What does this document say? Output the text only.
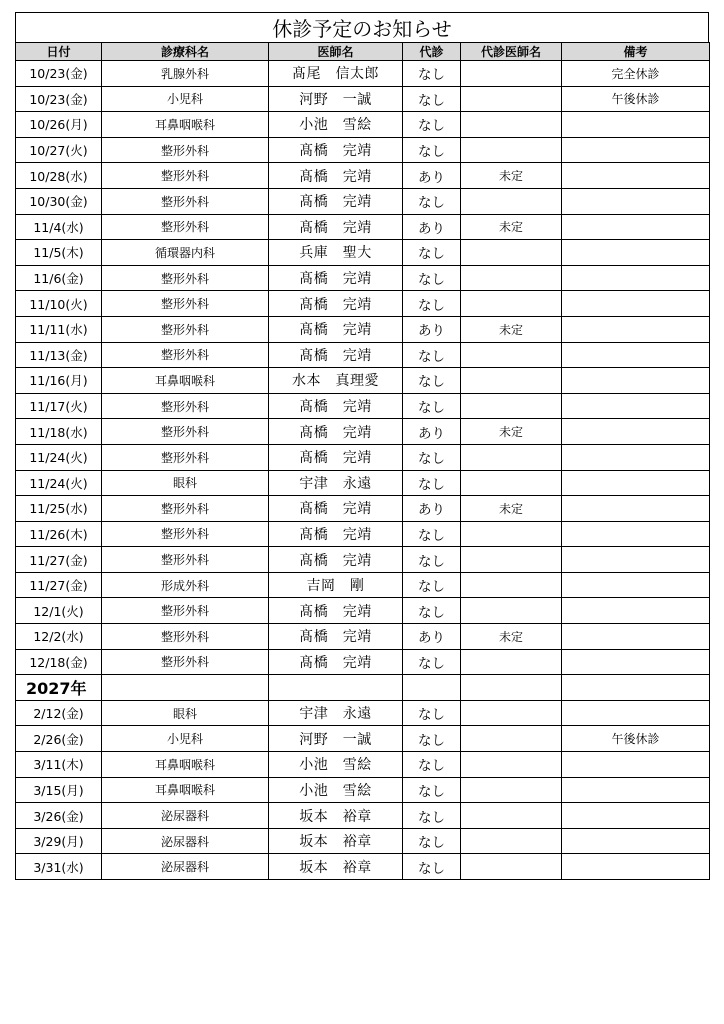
休診予定のお知らせ
日付	診療科名	医師名	代診	代診医師名	備考
10/23(金)	乳腺外科	髙尾　信太郎	なし		完全休診
10/23(金)	小児科	河野　一誠	なし		午後休診
10/26(月)	耳鼻咽喉科	小池　雪絵	なし		
10/27(火)	整形外科	髙橋　完靖	なし		
10/28(水)	整形外科	髙橋　完靖	あり	未定	
10/30(金)	整形外科	髙橋　完靖	なし		
11/4(水)	整形外科	髙橋　完靖	あり	未定	
11/5(木)	循環器内科	兵庫　聖大	なし		
11/6(金)	整形外科	髙橋　完靖	なし		
11/10(火)	整形外科	髙橋　完靖	なし		
11/11(水)	整形外科	髙橋　完靖	あり	未定	
11/13(金)	整形外科	髙橋　完靖	なし		
11/16(月)	耳鼻咽喉科	水本　真理愛	なし		
11/17(火)	整形外科	髙橋　完靖	なし		
11/18(水)	整形外科	髙橋　完靖	あり	未定	
11/24(火)	整形外科	髙橋　完靖	なし		
11/24(火)	眼科	宇津　永遠	なし		
11/25(水)	整形外科	髙橋　完靖	あり	未定	
11/26(木)	整形外科	髙橋　完靖	なし		
11/27(金)	整形外科	髙橋　完靖	なし		
11/27(金)	形成外科	吉岡　剛	なし		
12/1(火)	整形外科	髙橋　完靖	なし		
12/2(水)	整形外科	髙橋　完靖	あり	未定	
12/18(金)	整形外科	髙橋　完靖	なし		
2027年					
2/12(金)	眼科	宇津　永遠	なし		
2/26(金)	小児科	河野　一誠	なし		午後休診
3/11(木)	耳鼻咽喉科	小池　雪絵	なし		
3/15(月)	耳鼻咽喉科	小池　雪絵	なし		
3/26(金)	泌尿器科	坂本　裕章	なし		
3/29(月)	泌尿器科	坂本　裕章	なし		
3/31(水)	泌尿器科	坂本　裕章	なし		
